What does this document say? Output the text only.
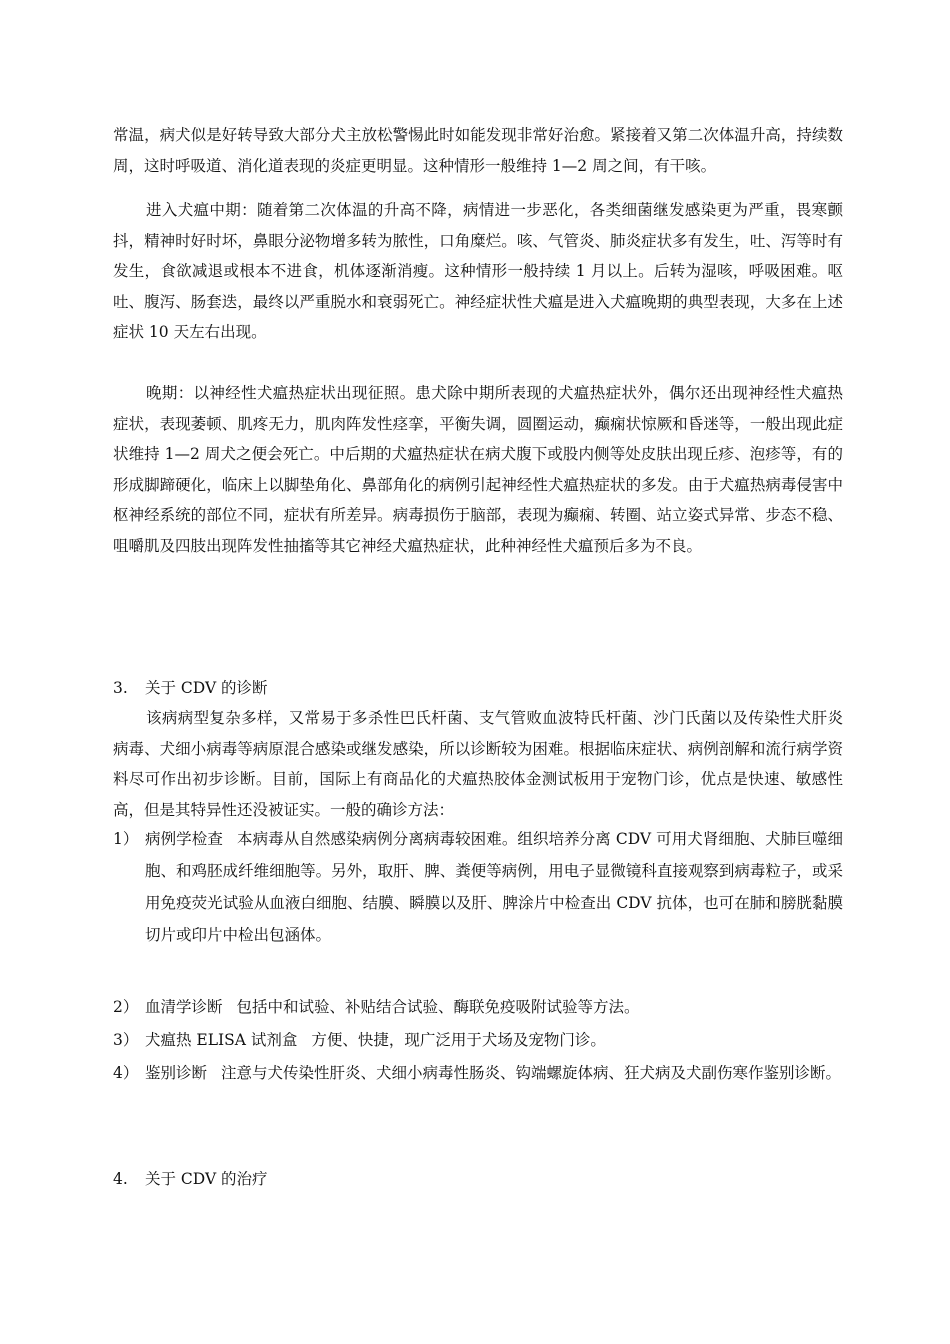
常温，病犬似是好转导致大部分犬主放松警惕此时如能发现非常好治愈。紧接着又第二次体温升高，持续数周，这时呼吸道、消化道表现的炎症更明显。这种情形一般维持 1—2 周之间，有干咳。

进入犬瘟中期：随着第二次体温的升高不降，病情进一步恶化，各类细菌继发感染更为严重，畏寒颤抖，精神时好时坏，鼻眼分泌物增多转为脓性，口角糜烂。咳、气管炎、肺炎症状多有发生，吐、泻等时有发生，食欲减退或根本不进食，机体逐渐消瘦。这种情形一般持续 1 月以上。后转为湿咳，呼吸困难。呕吐、腹泻、肠套迭，最终以严重脱水和衰弱死亡。神经症状性犬瘟是进入犬瘟晚期的典型表现，大多在上述症状 10 天左右出现。

晚期：以神经性犬瘟热症状出现征照。患犬除中期所表现的犬瘟热症状外，偶尔还出现神经性犬瘟热症状，表现萎顿、肌疼无力，肌肉阵发性痉挛，平衡失调，圆圈运动，癫痫状惊厥和昏迷等，一般出现此症状维持 1—2 周犬之便会死亡。中后期的犬瘟热症状在病犬腹下或股内侧等处皮肤出现丘疹、泡疹等，有的形成脚蹄硬化，临床上以脚垫角化、鼻部角化的病例引起神经性犬瘟热症状的多发。由于犬瘟热病毒侵害中枢神经系统的部位不同，症状有所差异。病毒损伤于脑部，表现为癫痫、转圈、站立姿式异常、步态不稳、咀嚼肌及四肢出现阵发性抽搐等其它神经犬瘟热症状，此种神经性犬瘟预后多为不良。

3. 关于 CDV 的诊断

该病病型复杂多样，又常易于多杀性巴氏杆菌、支气管败血波特氏杆菌、沙门氏菌以及传染性犬肝炎病毒、犬细小病毒等病原混合感染或继发感染，所以诊断较为困难。根据临床症状、病例剖解和流行病学资料尽可作出初步诊断。目前，国际上有商品化的犬瘟热胶体金测试板用于宠物门诊，优点是快速、敏感性高，但是其特异性还没被证实。一般的确诊方法：

1） 病例学检查 本病毒从自然感染病例分离病毒较困难。组织培养分离 CDV 可用犬肾细胞、犬肺巨噬细胞、和鸡胚成纤维细胞等。另外，取肝、脾、粪便等病例，用电子显微镜科直接观察到病毒粒子，或采用免疫荧光试验从血液白细胞、结膜、瞬膜以及肝、脾涂片中检查出 CDV 抗体，也可在肺和膀胱黏膜切片或印片中检出包涵体。
2） 血清学诊断 包括中和试验、补贴结合试验、酶联免疫吸附试验等方法。
3） 犬瘟热 ELISA 试剂盒 方便、快捷，现广泛用于犬场及宠物门诊。
4） 鉴别诊断 注意与犬传染性肝炎、犬细小病毒性肠炎、钩端螺旋体病、狂犬病及犬副伤寒作鉴别诊断。
4. 关于 CDV 的治疗
